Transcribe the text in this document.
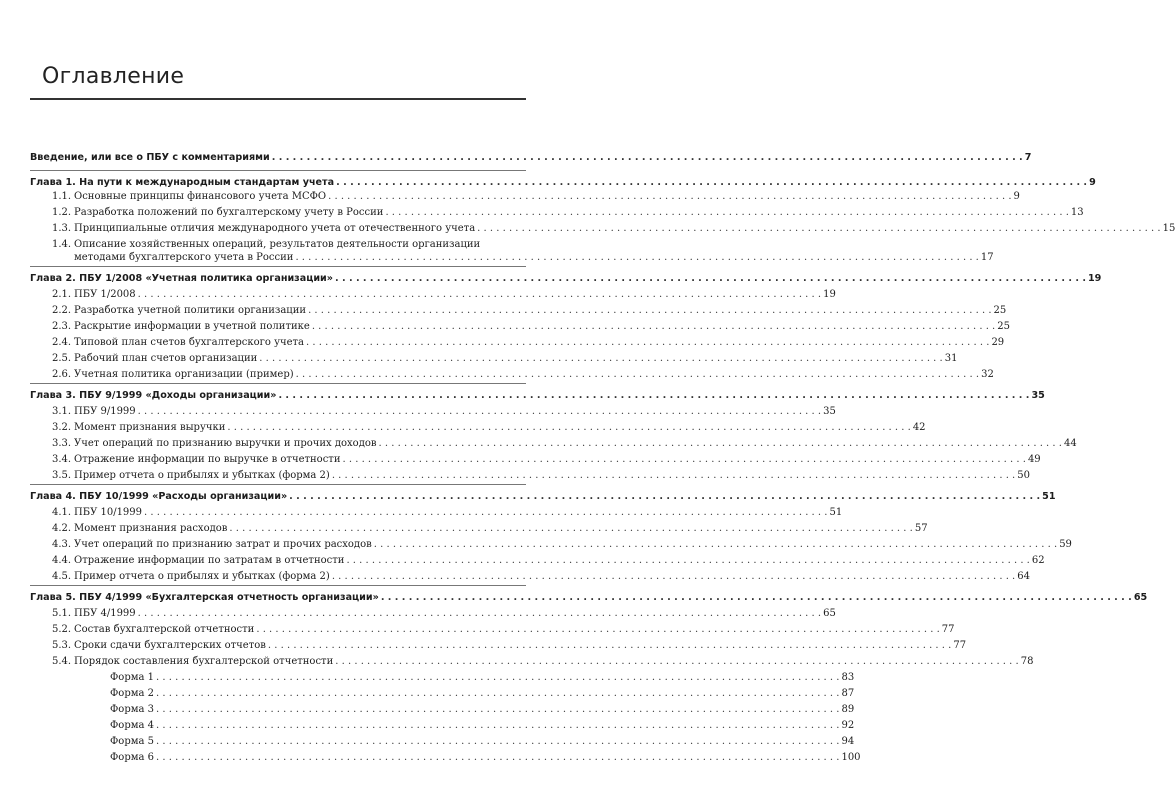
Оглавление
Введение, или все о ПБУ с комментариями . . .	7
Глава 1. На пути к международным стандартам учета . . .	9
1.1. Основные принципы финансового учета МСФО . . .	9
1.2. Разработка положений по бухгалтерскому учету в России . . .	13
1.3. Принципиальные отличия международного учета от отечественного учета . . .	15
1.4. Описание хозяйственных операций, результатов деятельности организации
методами бухгалтерского учета в России . . .	17
Глава 2. ПБУ 1/2008 «Учетная политика организации» . . .	19
2.1. ПБУ 1/2008 . . .	19
2.2. Разработка учетной политики организации . . .	25
2.3. Раскрытие информации в учетной политике . . .	25
2.4. Типовой план счетов бухгалтерского учета . . .	29
2.5. Рабочий план счетов организации . . .	31
2.6. Учетная политика организации (пример) . . .	32
Глава 3. ПБУ 9/1999 «Доходы организации» . . .	35
3.1. ПБУ 9/1999 . . .	35
3.2. Момент признания выручки . . .	42
3.3. Учет операций по признанию выручки и прочих доходов . . .	44
3.4. Отражение информации по выручке в отчетности . . .	49
3.5. Пример отчета о прибылях и убытках (форма 2) . . .	50
Глава 4. ПБУ 10/1999 «Расходы организации» . . .	51
4.1. ПБУ 10/1999 . . .	51
4.2. Момент признания расходов . . .	57
4.3. Учет операций по признанию затрат и прочих расходов . . .	59
4.4. Отражение информации по затратам в отчетности . . .	62
4.5. Пример отчета о прибылях и убытках (форма 2) . . .	64
Глава 5. ПБУ 4/1999 «Бухгалтерская отчетность организации» . . .	65
5.1. ПБУ 4/1999 . . .	65
5.2. Состав бухгалтерской отчетности . . .	77
5.3. Сроки сдачи бухгалтерских отчетов . . .	77
5.4. Порядок составления бухгалтерской отчетности . . .	78
Форма 1 . . .	83
Форма 2 . . .	87
Форма 3 . . .	89
Форма 4 . . .	92
Форма 5 . . .	94
Форма 6 . . .	100
